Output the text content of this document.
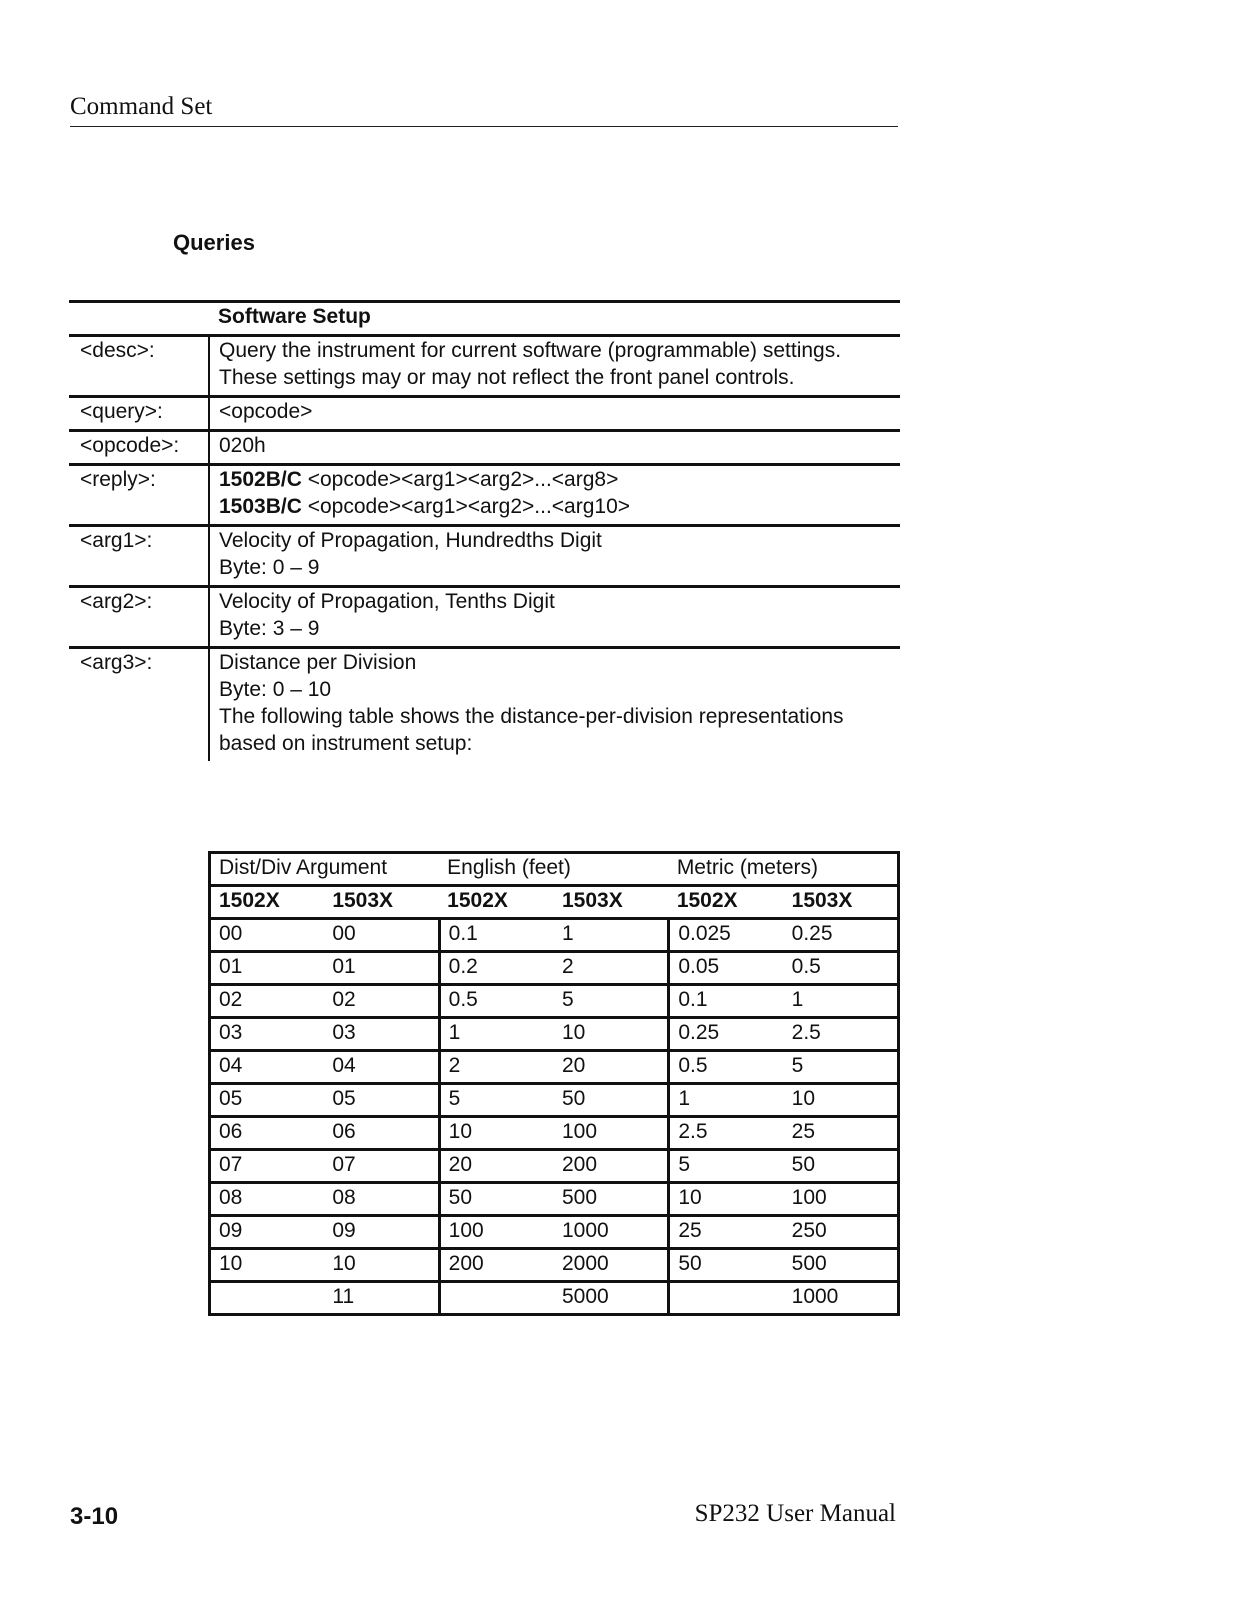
Command Set
Queries
	Software Setup
<desc>:	Query the instrument for current software (programmable) settings. These settings may or may not reflect the front panel controls.
<query>:	<opcode>
<opcode>:	020h
<reply>:	1502B/C <opcode><arg1><arg2>...<arg8>
1503B/C <opcode><arg1><arg2>...<arg10>

<arg1>:	Velocity of Propagation, Hundredths Digit
Byte: 0 – 9

<arg2>:	Velocity of Propagation, Tenths Digit
Byte: 3 – 9

<arg3>:	Distance per Division
Byte: 0 – 10
The following table shows the distance-per-division representations based on instrument setup:
Dist/Div Argument		English (feet)		Metric (meters)	
1502X	1503X	1502X	1503X	1502X	1503X
00	00	0.1	1	0.025	0.25
01	01	0.2	2	0.05	0.5
02	02	0.5	5	0.1	1
03	03	1	10	0.25	2.5
04	04	2	20	0.5	5
05	05	5	50	1	10
06	06	10	100	2.5	25
07	07	20	200	5	50
08	08	50	500	10	100
09	09	100	1000	25	250
10	10	200	2000	50	500
	11		5000		1000
3-10	SP232 User Manual
